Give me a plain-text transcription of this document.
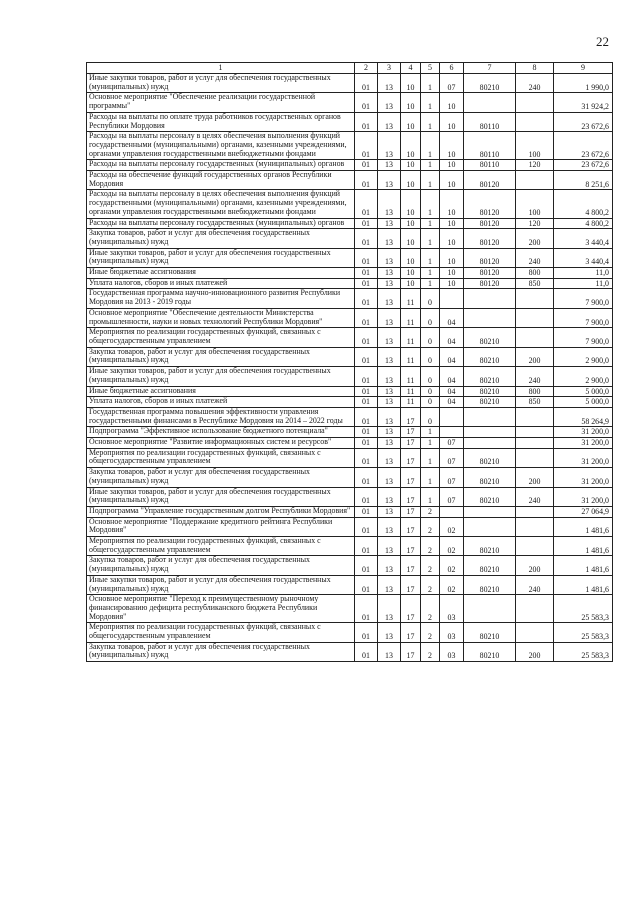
22
1	2	3	4	5	6	7	8	9
Иные закупки товаров, работ и услуг для обеспечения государственных (муниципальных) нужд	01	13	10	1	07	80210	240	1 990,0
Основное мероприятие "Обеспечение реализации государственной программы"	01	13	10	1	10			31 924,2
Расходы на выплаты по оплате труда работников государственных органов Республики Мордовия	01	13	10	1	10	80110		23 672,6
Расходы на выплаты персоналу в целях обеспечения выполнения функций государственными (муниципальными) органами, казенными учреждениями, органами управления государственными внебюджетными фондами	01	13	10	1	10	80110	100	23 672,6
Расходы на выплаты персоналу государственных (муниципальных) органов	01	13	10	1	10	80110	120	23 672,6
Расходы на обеспечение функций государственных органов Республики Мордовия	01	13	10	1	10	80120		8 251,6
Расходы на выплаты персоналу в целях обеспечения выполнения функций государственными (муниципальными) органами, казенными учреждениями, органами управления государственными внебюджетными фондами	01	13	10	1	10	80120	100	4 800,2
Расходы на выплаты персоналу государственных (муниципальных) органов	01	13	10	1	10	80120	120	4 800,2
Закупка товаров, работ и услуг для обеспечения государственных (муниципальных) нужд	01	13	10	1	10	80120	200	3 440,4
Иные закупки товаров, работ и услуг для обеспечения государственных (муниципальных) нужд	01	13	10	1	10	80120	240	3 440,4
Иные бюджетные ассигнования	01	13	10	1	10	80120	800	11,0
Уплата налогов, сборов и иных платежей	01	13	10	1	10	80120	850	11,0
Государственная программа научно-инновационного развития Республики Мордовия на 2013 - 2019 годы	01	13	11	0				7 900,0
Основное мероприятие "Обеспечение деятельности Министерства промышленности, науки и новых технологий Республики Мордовия"	01	13	11	0	04			7 900,0
Мероприятия по реализации государственных функций, связанных с общегосударственным управлением	01	13	11	0	04	80210		7 900,0
Закупка товаров, работ и услуг для обеспечения государственных (муниципальных) нужд	01	13	11	0	04	80210	200	2 900,0
Иные закупки товаров, работ и услуг для обеспечения государственных (муниципальных) нужд	01	13	11	0	04	80210	240	2 900,0
Иные бюджетные ассигнования	01	13	11	0	04	80210	800	5 000,0
Уплата налогов, сборов и иных платежей	01	13	11	0	04	80210	850	5 000,0
Государственная программа повышения эффективности управления государственными финансами в Республике Мордовия на 2014 – 2022 годы	01	13	17	0				58 264,9
Подпрограмма "Эффективное использование бюджетного потенциала"	01	13	17	1				31 200,0
Основное мероприятие "Развитие информационных систем и ресурсов"	01	13	17	1	07			31 200,0
Мероприятия по реализации государственных функций, связанных с общегосударственным управлением	01	13	17	1	07	80210		31 200,0
Закупка товаров, работ и услуг для обеспечения государственных (муниципальных) нужд	01	13	17	1	07	80210	200	31 200,0
Иные закупки товаров, работ и услуг для обеспечения государственных (муниципальных) нужд	01	13	17	1	07	80210	240	31 200,0
Подпрограмма "Управление государственным долгом Республики Мордовия"	01	13	17	2				27 064,9
Основное мероприятие "Поддержание кредитного рейтинга Республики Мордовия"	01	13	17	2	02			1 481,6
Мероприятия по реализации государственных функций, связанных с общегосударственным управлением	01	13	17	2	02	80210		1 481,6
Закупка товаров, работ и услуг для обеспечения государственных (муниципальных) нужд	01	13	17	2	02	80210	200	1 481,6
Иные закупки товаров, работ и услуг для обеспечения государственных (муниципальных) нужд	01	13	17	2	02	80210	240	1 481,6
Основное мероприятие "Переход к преимущественному рыночному финансированию дефицита республиканского бюджета Республики Мордовия"	01	13	17	2	03			25 583,3
Мероприятия по реализации государственных функций, связанных с общегосударственным управлением	01	13	17	2	03	80210		25 583,3
Закупка товаров, работ и услуг для обеспечения государственных (муниципальных) нужд	01	13	17	2	03	80210	200	25 583,3
